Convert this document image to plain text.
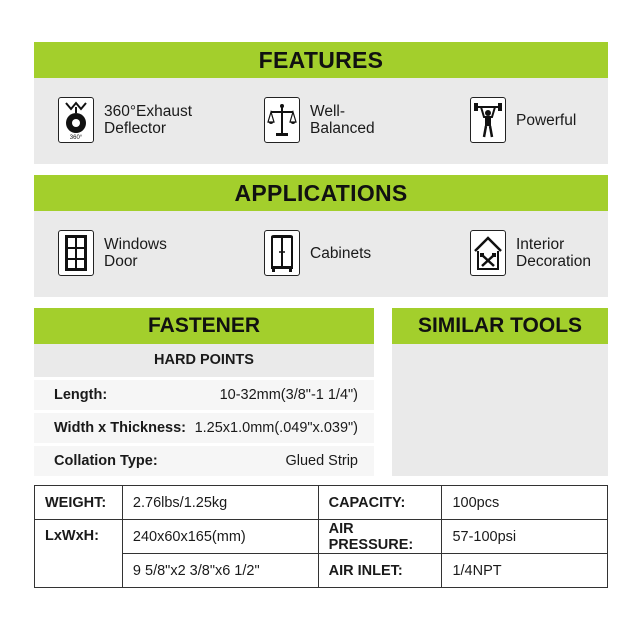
FEATURES
360°
360°Exhaust
Deflector
Well-
Balanced	Powerful
APPLICATIONS
Windows
Door	Cabinets	Interior
Decoration
FASTENER
HARD POINTS
Length:	10-32mm(3/8"-1 1/4")
Width x Thickness: 1.25x1.0mm(.049"x.039")
Collation Type:	Glued Strip
SIMILAR TOOLS
WEIGHT:	2.76lbs/1.25kg	CAPACITY:	100pcs
LxWxH:	240x60x165(mm)	AIR PRESSURE:	57-100psi
	9 5/8"x2 3/8"x6 1/2"	AIR INLET:	1/4NPT
